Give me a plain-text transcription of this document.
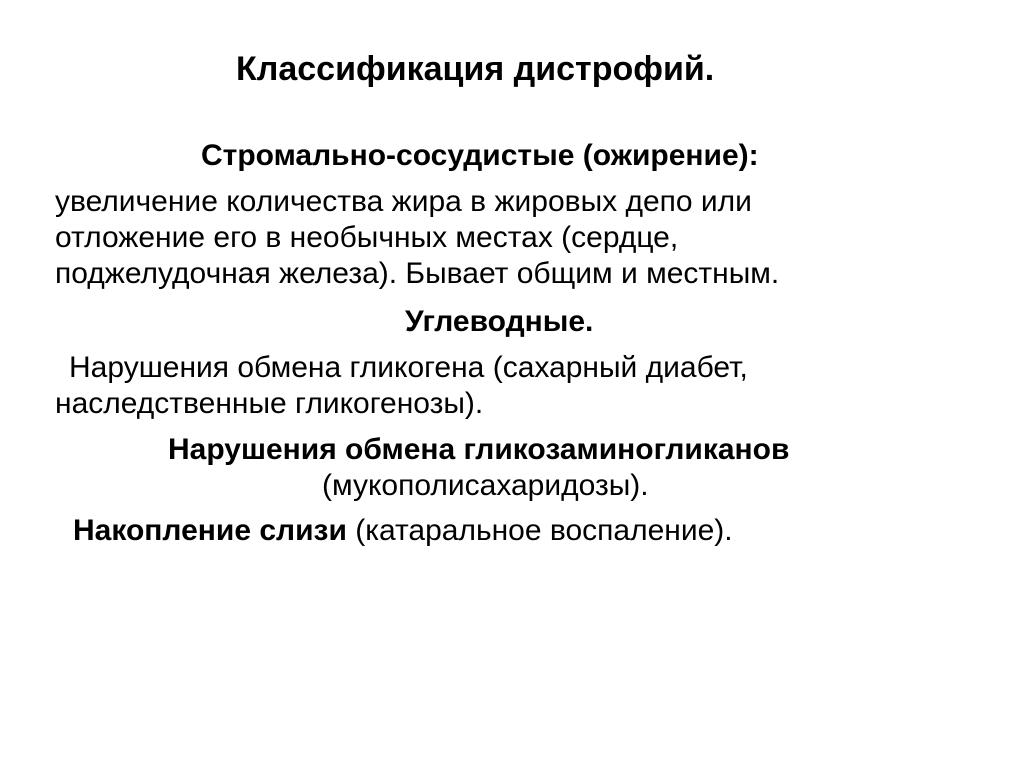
Классификация дистрофий.
Стромально-сосудистые (ожирение):
увеличение количества жира в жировых депо или
отложение его в необычных местах (сердце,
поджелудочная железа). Бывает общим и местным.
Углеводные.
Нарушения обмена гликогена (сахарный диабет,
наследственные гликогенозы).
Нарушения обмена гликозаминогликанов
(мукополисахаридозы).
Накопление слизи (катаральное воспаление).
